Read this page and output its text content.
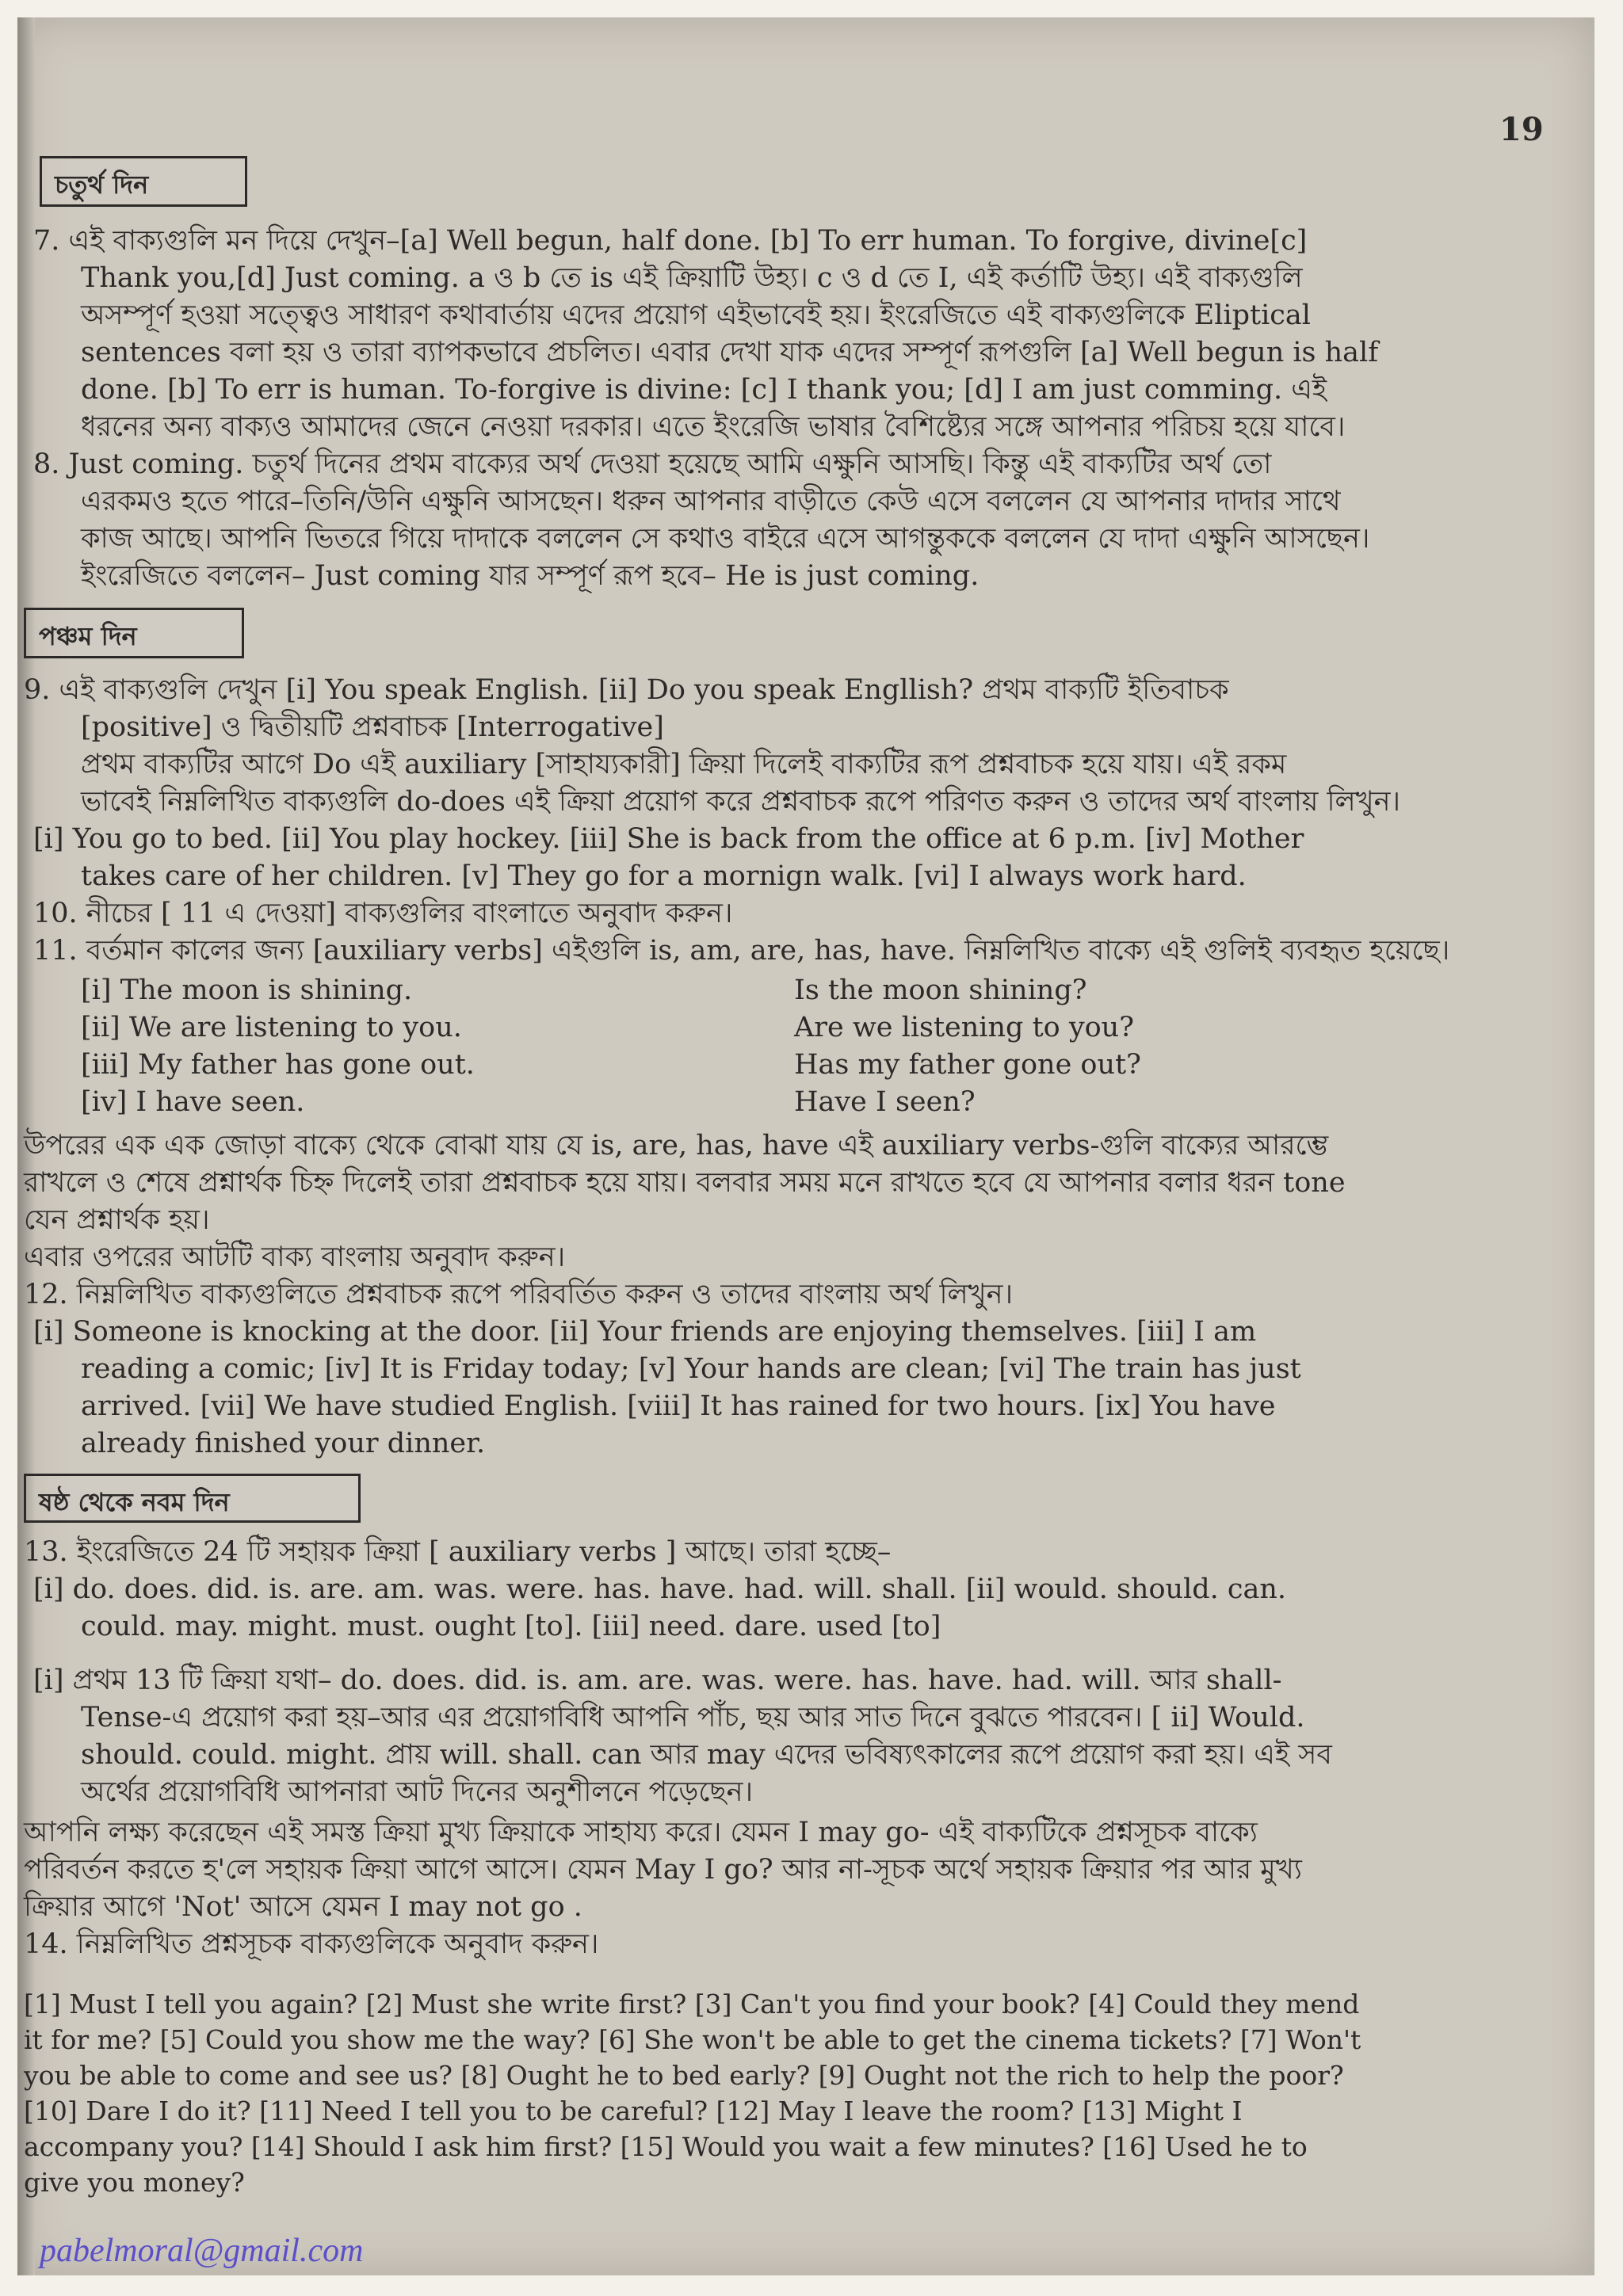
19
চতুর্থ দিন
পঞ্চম দিন
ষষ্ঠ থেকে নবম দিন
7. এই বাক্যগুলি মন দিয়ে দেখুন–[a] Well begun, half done. [b] To err human. To forgive, divine[c]
Thank you,[d] Just coming. a ও b তে is এই ক্রিয়াটি উহ্য। c ও d তে I, এই কর্তাটি উহ্য। এই বাক্যগুলি
অসম্পূর্ণ হওয়া সত্ত্বেও সাধারণ কথাবার্তায় এদের প্রয়োগ এইভাবেই হয়। ইংরেজিতে এই বাক্যগুলিকে Eliptical
sentences বলা হয় ও তারা ব্যাপকভাবে প্রচলিত। এবার দেখা যাক এদের সম্পূর্ণ রূপগুলি [a] Well begun is half
done. [b] To err is human. To-forgive is divine: [c] I thank you; [d] I am just comming. এই
ধরনের অন্য বাক্যও আমাদের জেনে নেওয়া দরকার। এতে ইংরেজি ভাষার বৈশিষ্ট্যের সঙ্গে আপনার পরিচয় হয়ে যাবে।
8. Just coming. চতুর্থ দিনের প্রথম বাক্যের অর্থ দেওয়া হয়েছে আমি এক্ষুনি আসছি। কিন্তু এই বাক্যটির অর্থ তো
এরকমও হতে পারে–তিনি/উনি এক্ষুনি আসছেন। ধরুন আপনার বাড়ীতে কেউ এসে বললেন যে আপনার দাদার সাথে
কাজ আছে। আপনি ভিতরে গিয়ে দাদাকে বললেন সে কথাও বাইরে এসে আগন্তুককে বললেন যে দাদা এক্ষুনি আসছেন।
ইংরেজিতে বললেন– Just coming যার সম্পূর্ণ রূপ হবে– He is just coming.
9. এই বাক্যগুলি দেখুন [i] You speak English. [ii] Do you speak Engllish? প্রথম বাক্যটি ইতিবাচক
[positive] ও দ্বিতীয়টি প্রশ্নবাচক [Interrogative]
প্রথম বাক্যটির আগে Do এই auxiliary [সাহায্যকারী] ক্রিয়া দিলেই বাক্যটির রূপ প্রশ্নবাচক হয়ে যায়। এই রকম
ভাবেই নিম্নলিখিত বাক্যগুলি do-does এই ক্রিয়া প্রয়োগ করে প্রশ্নবাচক রূপে পরিণত করুন ও তাদের অর্থ বাংলায় লিখুন।
[i] You go to bed. [ii] You play hockey. [iii] She is back from the office at 6 p.m. [iv] Mother
takes care of her children. [v] They go for a mornign walk. [vi] I always work hard.
10. নীচের [ 11 এ দেওয়া] বাক্যগুলির বাংলাতে অনুবাদ করুন।
11. বর্তমান কালের জন্য [auxiliary verbs] এইগুলি is, am, are, has, have. নিম্নলিখিত বাক্যে এই গুলিই ব্যবহৃত হয়েছে।
[i] The moon is shining.	Is the moon shining?
[ii] We are listening to you.	Are we listening to you?
[iii] My father has gone out.	Has my father gone out?
[iv] I have seen.	Have I seen?
উপরের এক এক জোড়া বাক্যে থেকে বোঝা যায় যে is, are, has, have এই auxiliary verbs-গুলি বাক্যের আরম্ভে
রাখলে ও শেষে প্রশ্নার্থক চিহ্ন দিলেই তারা প্রশ্নবাচক হয়ে যায়। বলবার সময় মনে রাখতে হবে যে আপনার বলার ধরন tone
যেন প্রশ্নার্থক হয়।
এবার ওপরের আটটি বাক্য বাংলায় অনুবাদ করুন।
12. নিম্নলিখিত বাক্যগুলিতে প্রশ্নবাচক রূপে পরিবর্তিত করুন ও তাদের বাংলায় অর্থ লিখুন।
[i] Someone is knocking at the door. [ii] Your friends are enjoying themselves. [iii] I am
reading a comic; [iv] It is Friday today; [v] Your hands are clean; [vi] The train has just
arrived. [vii] We have studied English. [viii] It has rained for two hours. [ix] You have
already finished your dinner.
13. ইংরেজিতে 24 টি সহায়ক ক্রিয়া [ auxiliary verbs ] আছে। তারা হচ্ছে–
[i] do. does. did. is. are. am. was. were. has. have. had. will. shall. [ii] would. should. can.
could. may. might. must. ought [to]. [iii] need. dare. used [to]
[i] প্রথম 13 টি ক্রিয়া যথা– do. does. did. is. am. are. was. were. has. have. had. will. আর shall-
Tense-এ প্রয়োগ করা হয়–আর এর প্রয়োগবিধি আপনি পাঁচ, ছয় আর সাত দিনে বুঝতে পারবেন। [ ii] Would.
should. could. might. প্রায় will. shall. can আর may এদের ভবিষ্যৎকালের রূপে প্রয়োগ করা হয়। এই সব
অর্থের প্রয়োগবিধি আপনারা আট দিনের অনুশীলনে পড়েছেন।
আপনি লক্ষ্য করেছেন এই সমস্ত ক্রিয়া মুখ্য ক্রিয়াকে সাহায্য করে। যেমন I may go- এই বাক্যটিকে প্রশ্নসূচক বাক্যে
পরিবর্তন করতে হ'লে সহায়ক ক্রিয়া আগে আসে। যেমন May I go? আর না-সূচক অর্থে সহায়ক ক্রিয়ার পর আর মুখ্য
ক্রিয়ার আগে 'Not' আসে যেমন I may not go .
14. নিম্নলিখিত প্রশ্নসূচক বাক্যগুলিকে অনুবাদ করুন।
[1] Must I tell you again? [2] Must she write first? [3] Can't you find your book? [4] Could they mend
it for me? [5] Could you show me the way? [6] She won't be able to get the cinema tickets? [7] Won't
you be able to come and see us? [8] Ought he to bed early? [9] Ought not the rich to help the poor?
[10] Dare I do it? [11] Need I tell you to be careful? [12] May I leave the room? [13] Might I
accompany you? [14] Should I ask him first? [15] Would you wait a few minutes? [16] Used he to
give you money?
pabelmoral@gmail.com
